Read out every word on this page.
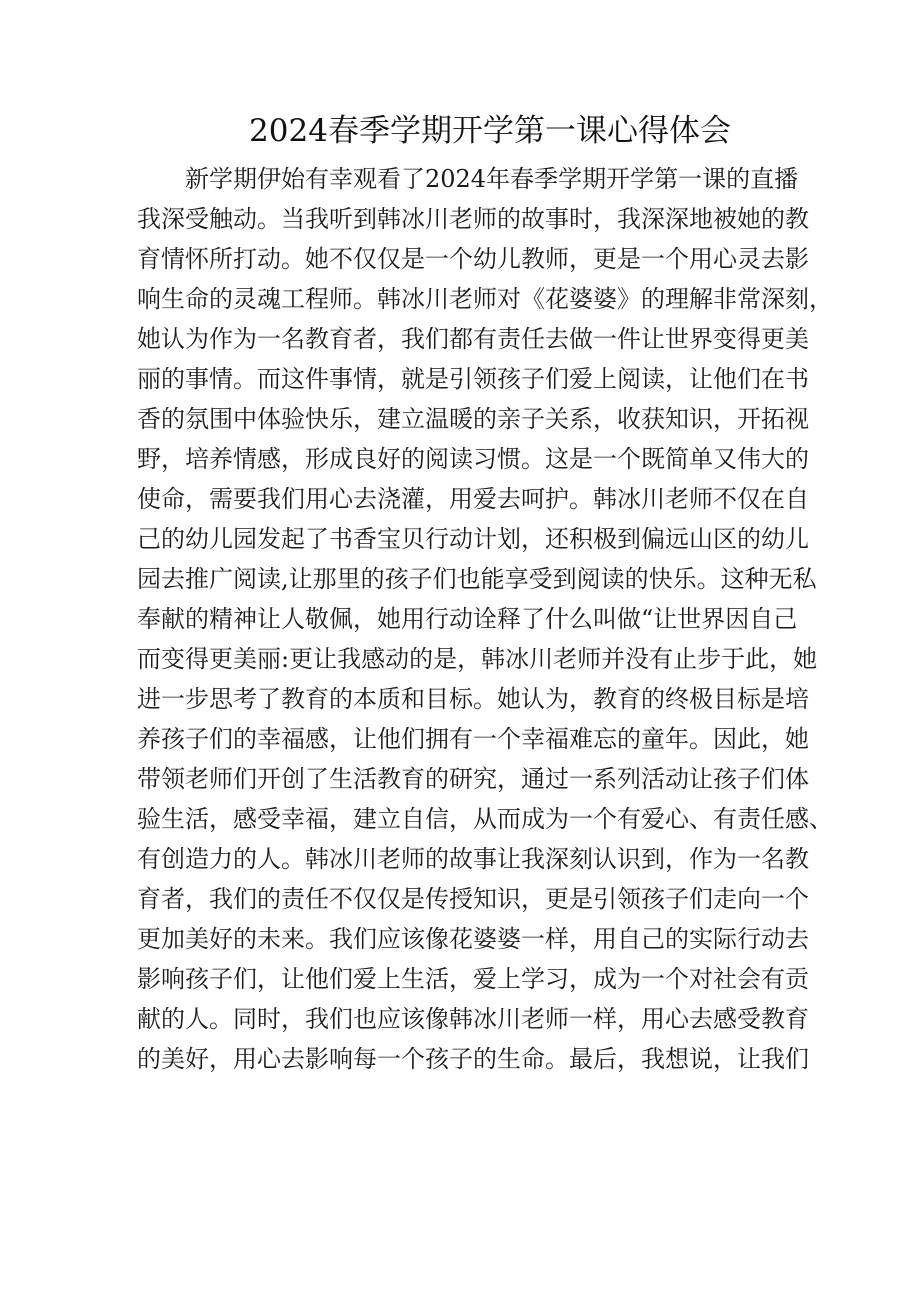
2024春季学期开学第一课心得体会
新学期伊始有幸观看了2024年春季学期开学第一课的直播
我深受触动。当我听到韩冰川老师的故事时，我深深地被她的教
育情怀所打动。她不仅仅是一个幼儿教师，更是一个用心灵去影
响生命的灵魂工程师。韩冰川老师对《花婆婆》的理解非常深刻，
她认为作为一名教育者，我们都有责任去做一件让世界变得更美
丽的事情。而这件事情，就是引领孩子们爱上阅读，让他们在书
香的氛围中体验快乐，建立温暖的亲子关系，收获知识，开拓视
野，培养情感，形成良好的阅读习惯。这是一个既简单又伟大的
使命，需要我们用心去浇灌，用爱去呵护。韩冰川老师不仅在自
己的幼儿园发起了书香宝贝行动计划，还积极到偏远山区的幼儿
园去推广阅读,让那里的孩子们也能享受到阅读的快乐。这种无私
奉献的精神让人敬佩，她用行动诠释了什么叫做“让世界因自己
而变得更美丽:更让我感动的是，韩冰川老师并没有止步于此，她
进一步思考了教育的本质和目标。她认为，教育的终极目标是培
养孩子们的幸福感，让他们拥有一个幸福难忘的童年。因此，她
带领老师们开创了生活教育的研究，通过一系列活动让孩子们体
验生活，感受幸福，建立自信，从而成为一个有爱心、有责任感、
有创造力的人。韩冰川老师的故事让我深刻认识到，作为一名教
育者，我们的责任不仅仅是传授知识，更是引领孩子们走向一个
更加美好的未来。我们应该像花婆婆一样，用自己的实际行动去
影响孩子们，让他们爱上生活，爱上学习，成为一个对社会有贡
献的人。同时，我们也应该像韩冰川老师一样，用心去感受教育
的美好，用心去影响每一个孩子的生命。最后，我想说，让我们
